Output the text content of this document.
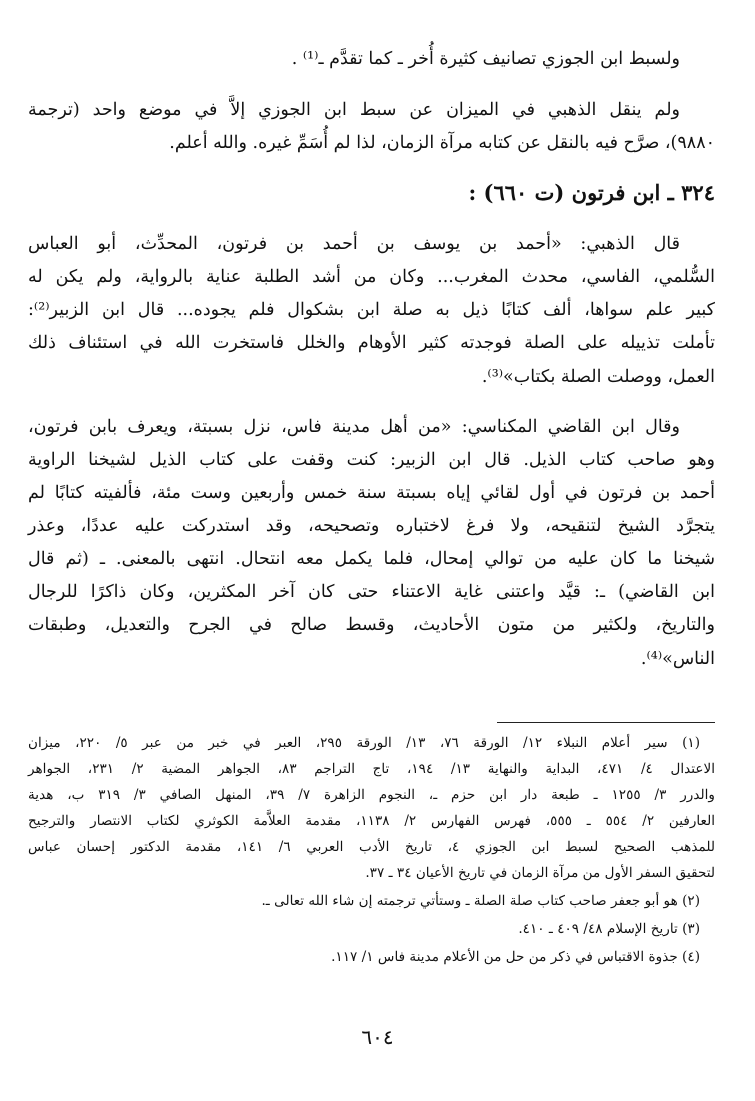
ولسبط ابن الجوزي تصانيف كثيرة أُخر ـ كما تقدَّم ـ⁽¹⁾ .
ولم ينقل الذهبي في الميزان عن سبط ابن الجوزي إلاَّ في موضع واحد (ترجمة
٩٨٨٠)، صرَّح فيه بالنقل عن كتابه مرآة الزمان، لذا لم أُسَمِّ غيره. والله أعلم.
٣٢٤ ـ ابن فرتون (ت ٦٦٠) :
قال الذهبي: «أحمد بن يوسف بن أحمد بن فرتون، المحدِّث، أبو العباس
السُّلمي، الفاسي، محدث المغرب... وكان من أشد الطلبة عناية بالرواية، ولم يكن له
كبير علم سواها، ألف كتابًا ذيل به صلة ابن بشكوال فلم يجوده... قال ابن الزبير⁽²⁾:
تأملت تذييله على الصلة فوجدته كثير الأوهام والخلل فاستخرت الله في استئناف ذلك
العمل، ووصلت الصلة بكتاب»⁽³⁾.
وقال ابن القاضي المكناسي: «من أهل مدينة فاس، نزل بسبتة، ويعرف بابن فرتون،
وهو صاحب كتاب الذيل. قال ابن الزبير: كنت وقفت على كتاب الذيل لشيخنا الراوية
أحمد بن فرتون في أول لقائي إياه بسبتة سنة خمس وأربعين وست مئة، فألفيته كتابًا لم
يتجرَّد الشيخ لتنقيحه، ولا فرغ لاختباره وتصحيحه، وقد استدركت عليه عددًا، وعذر
شيخنا ما كان عليه من توالي إمحال، فلما يكمل معه انتحال. انتهى بالمعنى. ـ (ثم قال
ابن القاضي) ـ: قيَّد واعتنى غاية الاعتناء حتى كان آخر المكثرين، وكان ذاكرًا للرجال
والتاريخ، ولكثير من متون الأحاديث، وقسط صالح في الجرح والتعديل، وطبقات
الناس»⁽⁴⁾.
(١) سير أعلام النبلاء ١٢/ الورقة ٧٦، ١٣/ الورقة ٢٩٥، العبر في خبر من عبر ٥/ ٢٢٠، ميزان
الاعتدال ٤/ ٤٧١، البداية والنهاية ١٣/ ١٩٤، تاج التراجم ٨٣، الجواهر المضية ٢/ ٢٣١، الجواهر
والدرر ٣/ ١٢٥٥ ـ طبعة دار ابن حزم ـ، النجوم الزاهرة ٧/ ٣٩، المنهل الصافي ٣/ ٣١٩ ب، هدية
العارفين ٢/ ٥٥٤ ـ ٥٥٥، فهرس الفهارس ٢/ ١١٣٨، مقدمة العلاَّمة الكوثري لكتاب الانتصار والترجيح
للمذهب الصحيح لسبط ابن الجوزي ٤، تاريخ الأدب العربي ٦/ ١٤١، مقدمة الدكتور إحسان عباس
لتحقيق السفر الأول من مرآة الزمان في تاريخ الأعيان ٣٤ ـ ٣٧.
(٢) هو أبو جعفر صاحب كتاب صلة الصلة ـ وستأتي ترجمته إن شاء الله تعالى ـ.
(٣) تاريخ الإسلام ٤٨/ ٤٠٩ ـ ٤١٠.
(٤) جذوة الاقتباس في ذكر من حل من الأعلام مدينة فاس ١/ ١١٧.
٦٠٤
